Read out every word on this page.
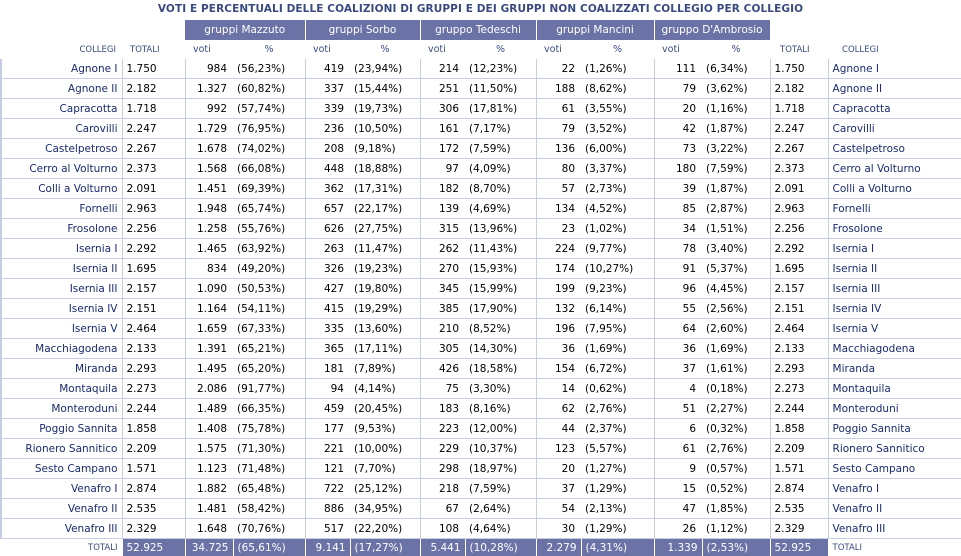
VOTI E PERCENTUALI DELLE COALIZIONI DI GRUPPI E DEI GRUPPI NON COALIZZATI COLLEGIO PER COLLEGIO
		gruppi Mazzuto		gruppi Sorbo		gruppo Tedeschi		gruppi Mancini		gruppo D'Ambrosio			
COLLEGI	TOTALI	voti	%	voti	%	voti	%	voti	%	voti	%	TOTALI	COLLEGI
Agnone I	1.750	984	(56,23%)	419	(23,94%)	214	(12,23%)	22	(1,26%)	111	(6,34%)	1.750	Agnone I
Agnone II	2.182	1.327	(60,82%)	337	(15,44%)	251	(11,50%)	188	(8,62%)	79	(3,62%)	2.182	Agnone II
Capracotta	1.718	992	(57,74%)	339	(19,73%)	306	(17,81%)	61	(3,55%)	20	(1,16%)	1.718	Capracotta
Carovilli	2.247	1.729	(76,95%)	236	(10,50%)	161	(7,17%)	79	(3,52%)	42	(1,87%)	2.247	Carovilli
Castelpetroso	2.267	1.678	(74,02%)	208	(9,18%)	172	(7,59%)	136	(6,00%)	73	(3,22%)	2.267	Castelpetroso
Cerro al Volturno	2.373	1.568	(66,08%)	448	(18,88%)	97	(4,09%)	80	(3,37%)	180	(7,59%)	2.373	Cerro al Volturno
Colli a Volturno	2.091	1.451	(69,39%)	362	(17,31%)	182	(8,70%)	57	(2,73%)	39	(1,87%)	2.091	Colli a Volturno
Fornelli	2.963	1.948	(65,74%)	657	(22,17%)	139	(4,69%)	134	(4,52%)	85	(2,87%)	2.963	Fornelli
Frosolone	2.256	1.258	(55,76%)	626	(27,75%)	315	(13,96%)	23	(1,02%)	34	(1,51%)	2.256	Frosolone
Isernia I	2.292	1.465	(63,92%)	263	(11,47%)	262	(11,43%)	224	(9,77%)	78	(3,40%)	2.292	Isernia I
Isernia II	1.695	834	(49,20%)	326	(19,23%)	270	(15,93%)	174	(10,27%)	91	(5,37%)	1.695	Isernia II
Isernia III	2.157	1.090	(50,53%)	427	(19,80%)	345	(15,99%)	199	(9,23%)	96	(4,45%)	2.157	Isernia III
Isernia IV	2.151	1.164	(54,11%)	415	(19,29%)	385	(17,90%)	132	(6,14%)	55	(2,56%)	2.151	Isernia IV
Isernia V	2.464	1.659	(67,33%)	335	(13,60%)	210	(8,52%)	196	(7,95%)	64	(2,60%)	2.464	Isernia V
Macchiagodena	2.133	1.391	(65,21%)	365	(17,11%)	305	(14,30%)	36	(1,69%)	36	(1,69%)	2.133	Macchiagodena
Miranda	2.293	1.495	(65,20%)	181	(7,89%)	426	(18,58%)	154	(6,72%)	37	(1,61%)	2.293	Miranda
Montaquila	2.273	2.086	(91,77%)	94	(4,14%)	75	(3,30%)	14	(0,62%)	4	(0,18%)	2.273	Montaquila
Monteroduni	2.244	1.489	(66,35%)	459	(20,45%)	183	(8,16%)	62	(2,76%)	51	(2,27%)	2.244	Monteroduni
Poggio Sannita	1.858	1.408	(75,78%)	177	(9,53%)	223	(12,00%)	44	(2,37%)	6	(0,32%)	1.858	Poggio Sannita
Rionero Sannitico	2.209	1.575	(71,30%)	221	(10,00%)	229	(10,37%)	123	(5,57%)	61	(2,76%)	2.209	Rionero Sannitico
Sesto Campano	1.571	1.123	(71,48%)	121	(7,70%)	298	(18,97%)	20	(1,27%)	9	(0,57%)	1.571	Sesto Campano
Venafro I	2.874	1.882	(65,48%)	722	(25,12%)	218	(7,59%)	37	(1,29%)	15	(0,52%)	2.874	Venafro I
Venafro II	2.535	1.481	(58,42%)	886	(34,95%)	67	(2,64%)	54	(2,13%)	47	(1,85%)	2.535	Venafro II
Venafro III	2.329	1.648	(70,76%)	517	(22,20%)	108	(4,64%)	30	(1,29%)	26	(1,12%)	2.329	Venafro III
TOTALI	52.925	34.725	(65,61%)	9.141	(17,27%)	5.441	(10,28%)	2.279	(4,31%)	1.339	(2,53%)	52.925	TOTALI
